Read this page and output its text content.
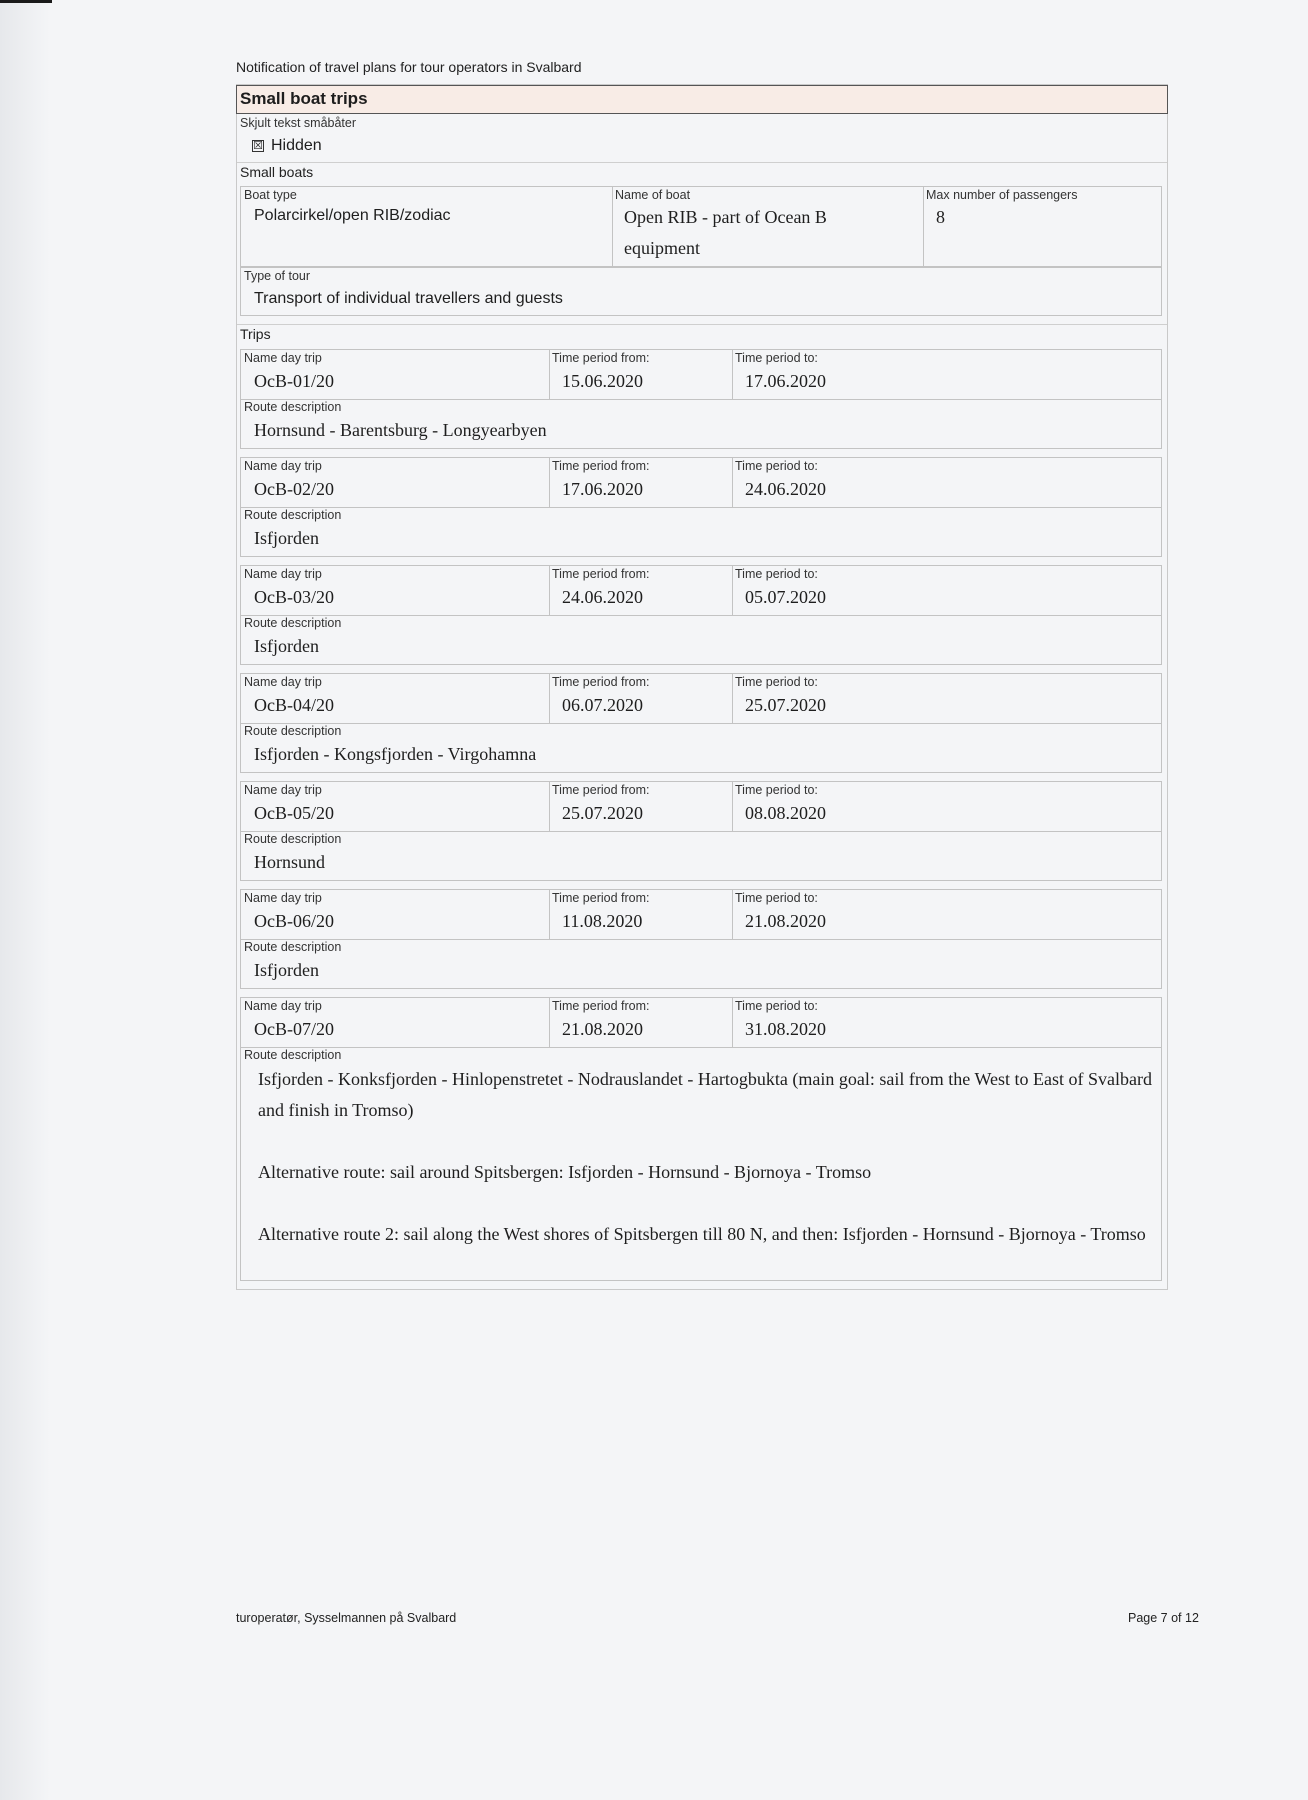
Notification of travel plans for tour operators in Svalbard
Small boat trips
Skjult tekst småbåter
☒ Hidden
Small boats
Boat type
Polarcirkel/open RIB/zodiac
Name of boat
Open RIB - part of Ocean B
equipment
Max number of passengers
8
Type of tour
Transport of individual travellers and guests
Trips
Name day trip
OcB-01/20
Time period from:
15.06.2020
Time period to:
17.06.2020
Route description
Hornsund - Barentsburg - Longyearbyen
Name day trip
OcB-02/20
Time period from:
17.06.2020
Time period to:
24.06.2020
Route description
Isfjorden
Name day trip
OcB-03/20
Time period from:
24.06.2020
Time period to:
05.07.2020
Route description
Isfjorden
Name day trip
OcB-04/20
Time period from:
06.07.2020
Time period to:
25.07.2020
Route description
Isfjorden - Kongsfjorden - Virgohamna
Name day trip
OcB-05/20
Time period from:
25.07.2020
Time period to:
08.08.2020
Route description
Hornsund
Name day trip
OcB-06/20
Time period from:
11.08.2020
Time period to:
21.08.2020
Route description
Isfjorden
Name day trip
OcB-07/20
Time period from:
21.08.2020
Time period to:
31.08.2020
Route description
Isfjorden - Konksfjorden - Hinlopenstretet - Nodrauslandet - Hartogbukta (main goal: sail from the West to East of Svalbard and finish in Tromso)
Alternative route: sail around Spitsbergen: Isfjorden - Hornsund - Bjornoya - Tromso
Alternative route 2: sail along the West shores of Spitsbergen till 80 N, and then: Isfjorden - Hornsund - Bjornoya - Tromso
turoperatør, Sysselmannen på Svalbard	Page 7 of 12
